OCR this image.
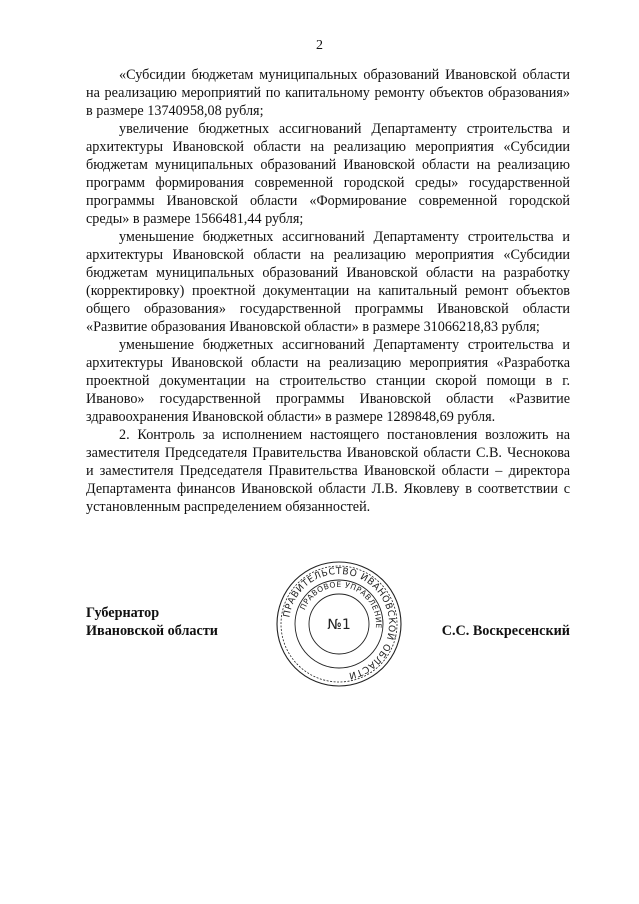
2

«Субсидии бюджетам муниципальных образований Ивановской области на реализацию мероприятий по капитальному ремонту объектов образования» в размере 13740958,08 рубля;

увеличение бюджетных ассигнований Департаменту строительства и архитектуры Ивановской области на реализацию мероприятия «Субсидии бюджетам муниципальных образований Ивановской области на реализацию программ формирования современной городской среды» государственной программы Ивановской области «Формирование современной городской среды» в размере 1566481,44 рубля;

уменьшение бюджетных ассигнований Департаменту строительства и архитектуры Ивановской области на реализацию мероприятия «Субсидии бюджетам муниципальных образований Ивановской области на разработку (корректировку) проектной документации на капитальный ремонт объектов общего образования» государственной программы Ивановской области «Развитие образования Ивановской области» в размере 31066218,83 рубля;

уменьшение бюджетных ассигнований Департаменту строительства и архитектуры Ивановской области на реализацию мероприятия «Разработка проектной документации на строительство станции скорой помощи в г. Иваново» государственной программы Ивановской области «Развитие здравоохранения Ивановской области» в размере 1289848,69 рубля.

2. Контроль за исполнением настоящего постановления возложить на заместителя Председателя Правительства Ивановской области С.В. Чеснокова и заместителя Председателя Правительства Ивановской области – директора Департамента финансов Ивановской области Л.В. Яковлеву в соответствии с установленным распределением обязанностей.

Губернатор
Ивановской области
ПРАВИТЕЛЬСТВО ИВАНОВСКОЙ ОБЛАСТИ
ПРАВОВОЕ УПРАВЛЕНИЕ
№1	С.С. Воскресенский
